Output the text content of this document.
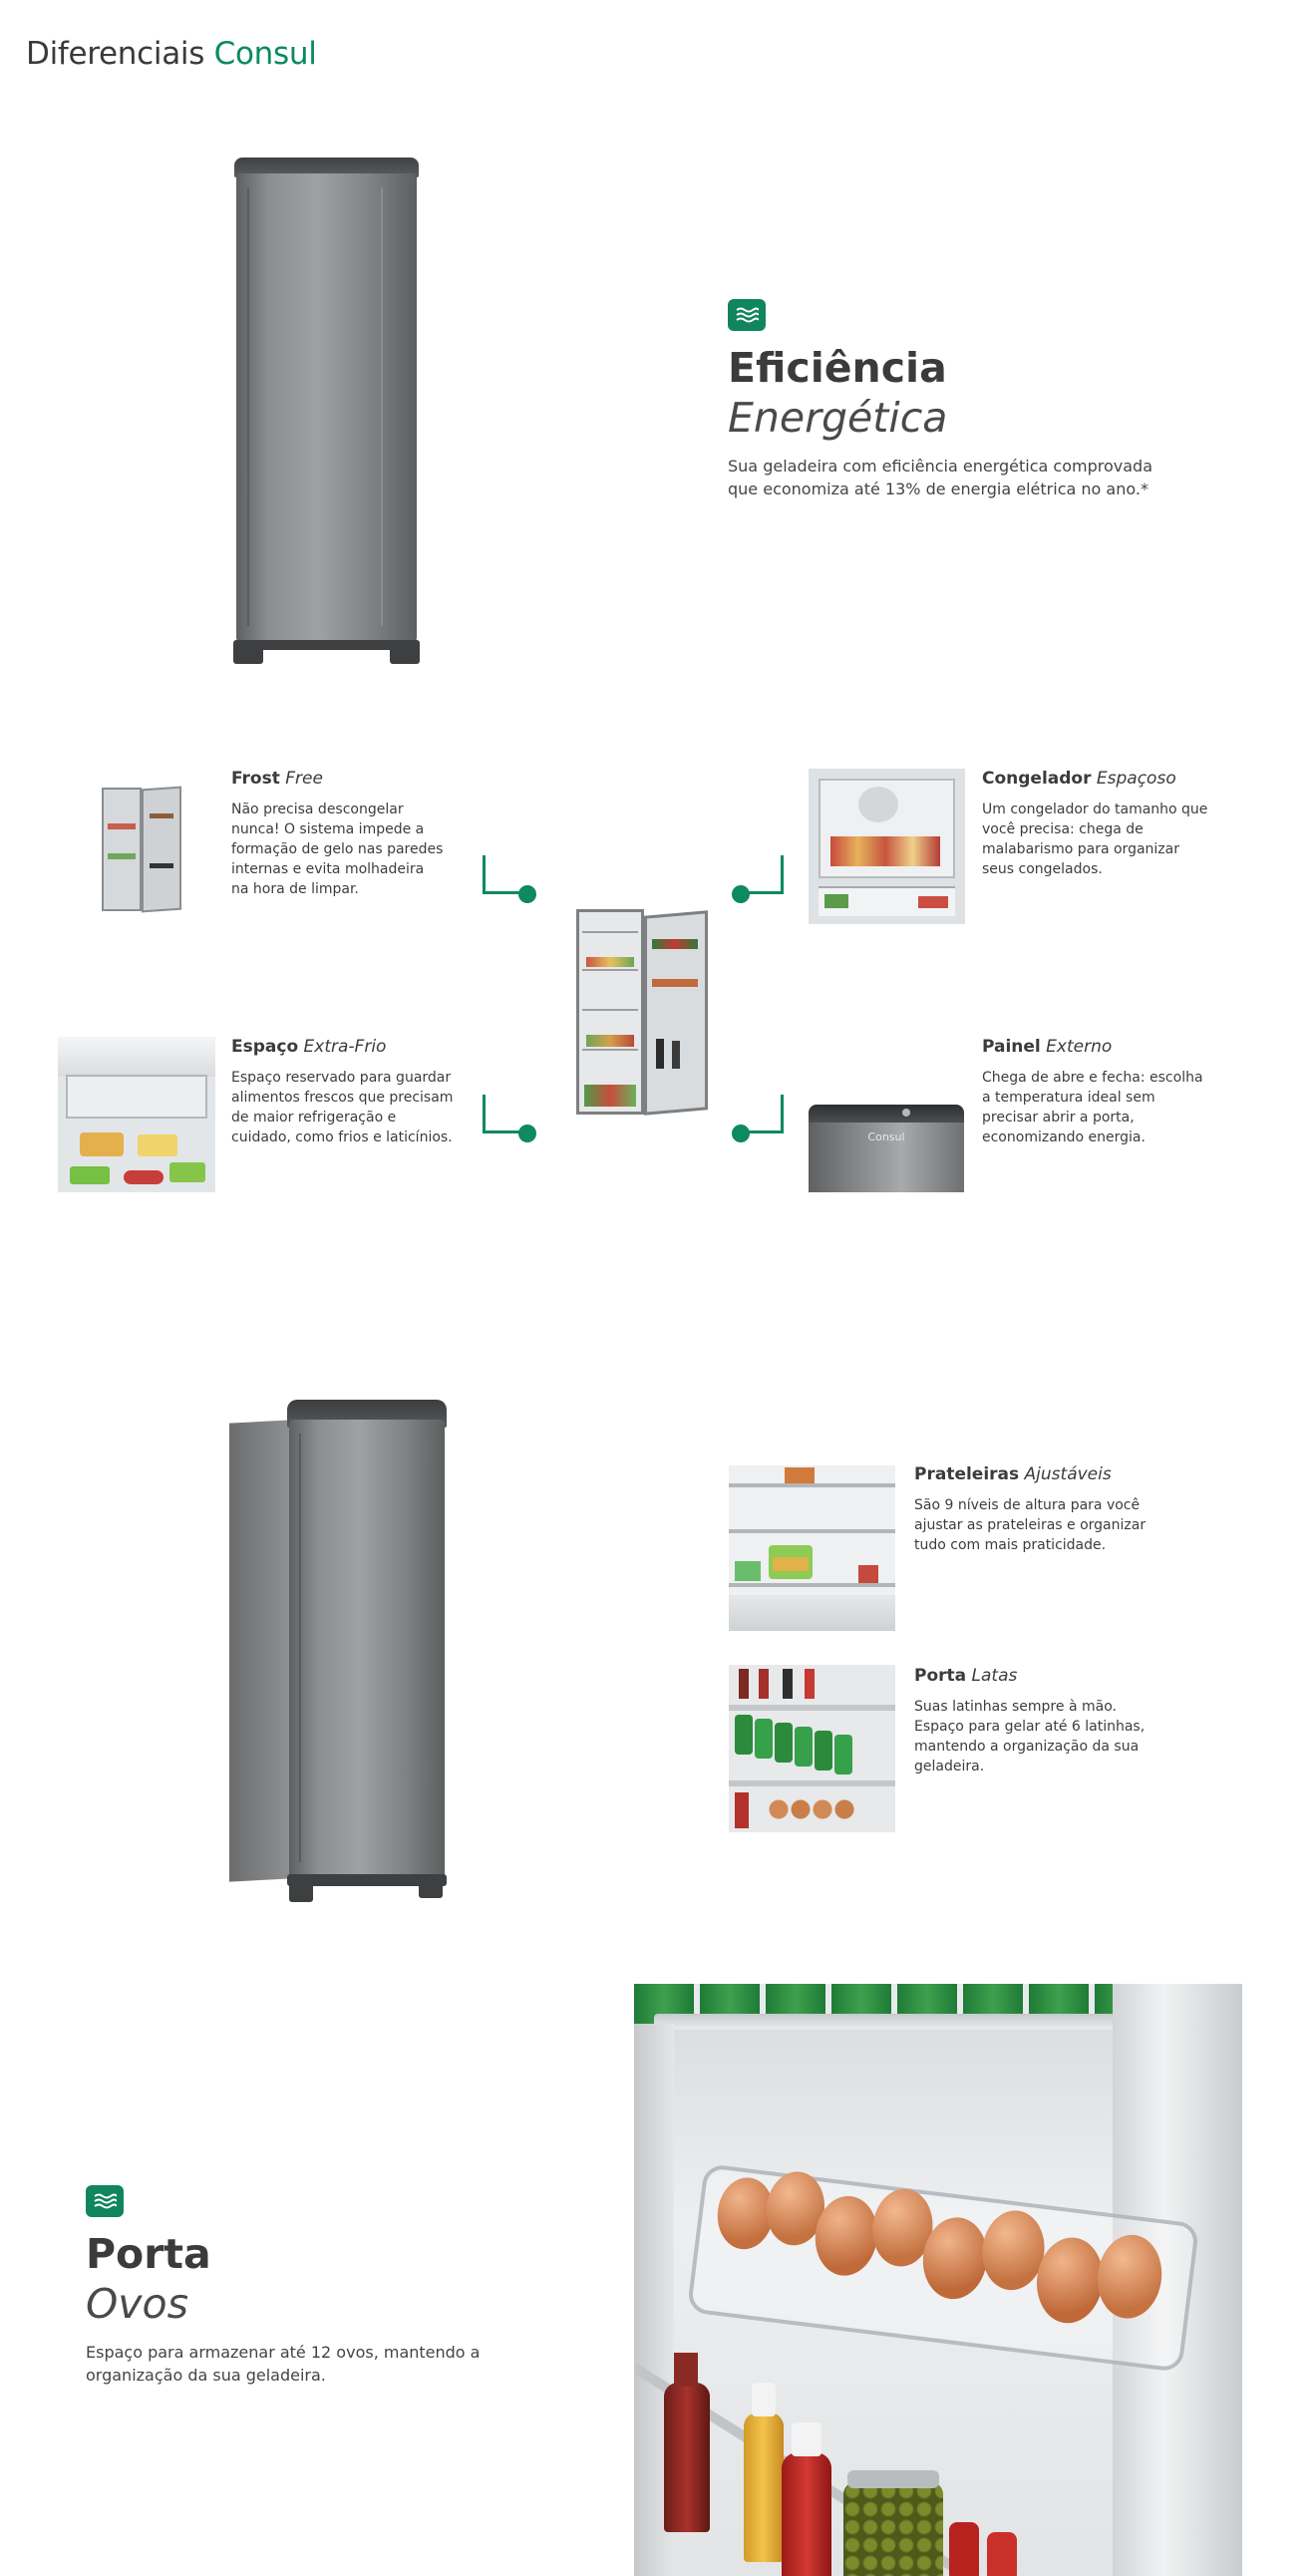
Diferenciais Consul
Eficiência
Energética
Sua geladeira com eficiência energética comprovada que economiza até 13% de energia elétrica no ano.*
Frost Free
Não precisa descongelar nunca! O sistema impede a formação de gelo nas paredes internas e evita molhadeira na hora de limpar.
Congelador Espaçoso
Um congelador do tamanho que você precisa: chega de malabarismo para organizar seus congelados.
Espaço Extra-Frio
Espaço reservado para guardar alimentos frescos que precisam de maior refrigeração e cuidado, como frios e laticínios.	Consul
Painel Externo
Chega de abre e fecha: escolha a temperatura ideal sem precisar abrir a porta, economizando energia.
Prateleiras Ajustáveis
São 9 níveis de altura para você ajustar as prateleiras e organizar tudo com mais praticidade.
Porta Latas
Suas latinhas sempre à mão. Espaço para gelar até 6 latinhas, mantendo a organização da sua geladeira.
Porta
Ovos
Espaço para armazenar até 12 ovos, mantendo a organização da sua geladeira.
